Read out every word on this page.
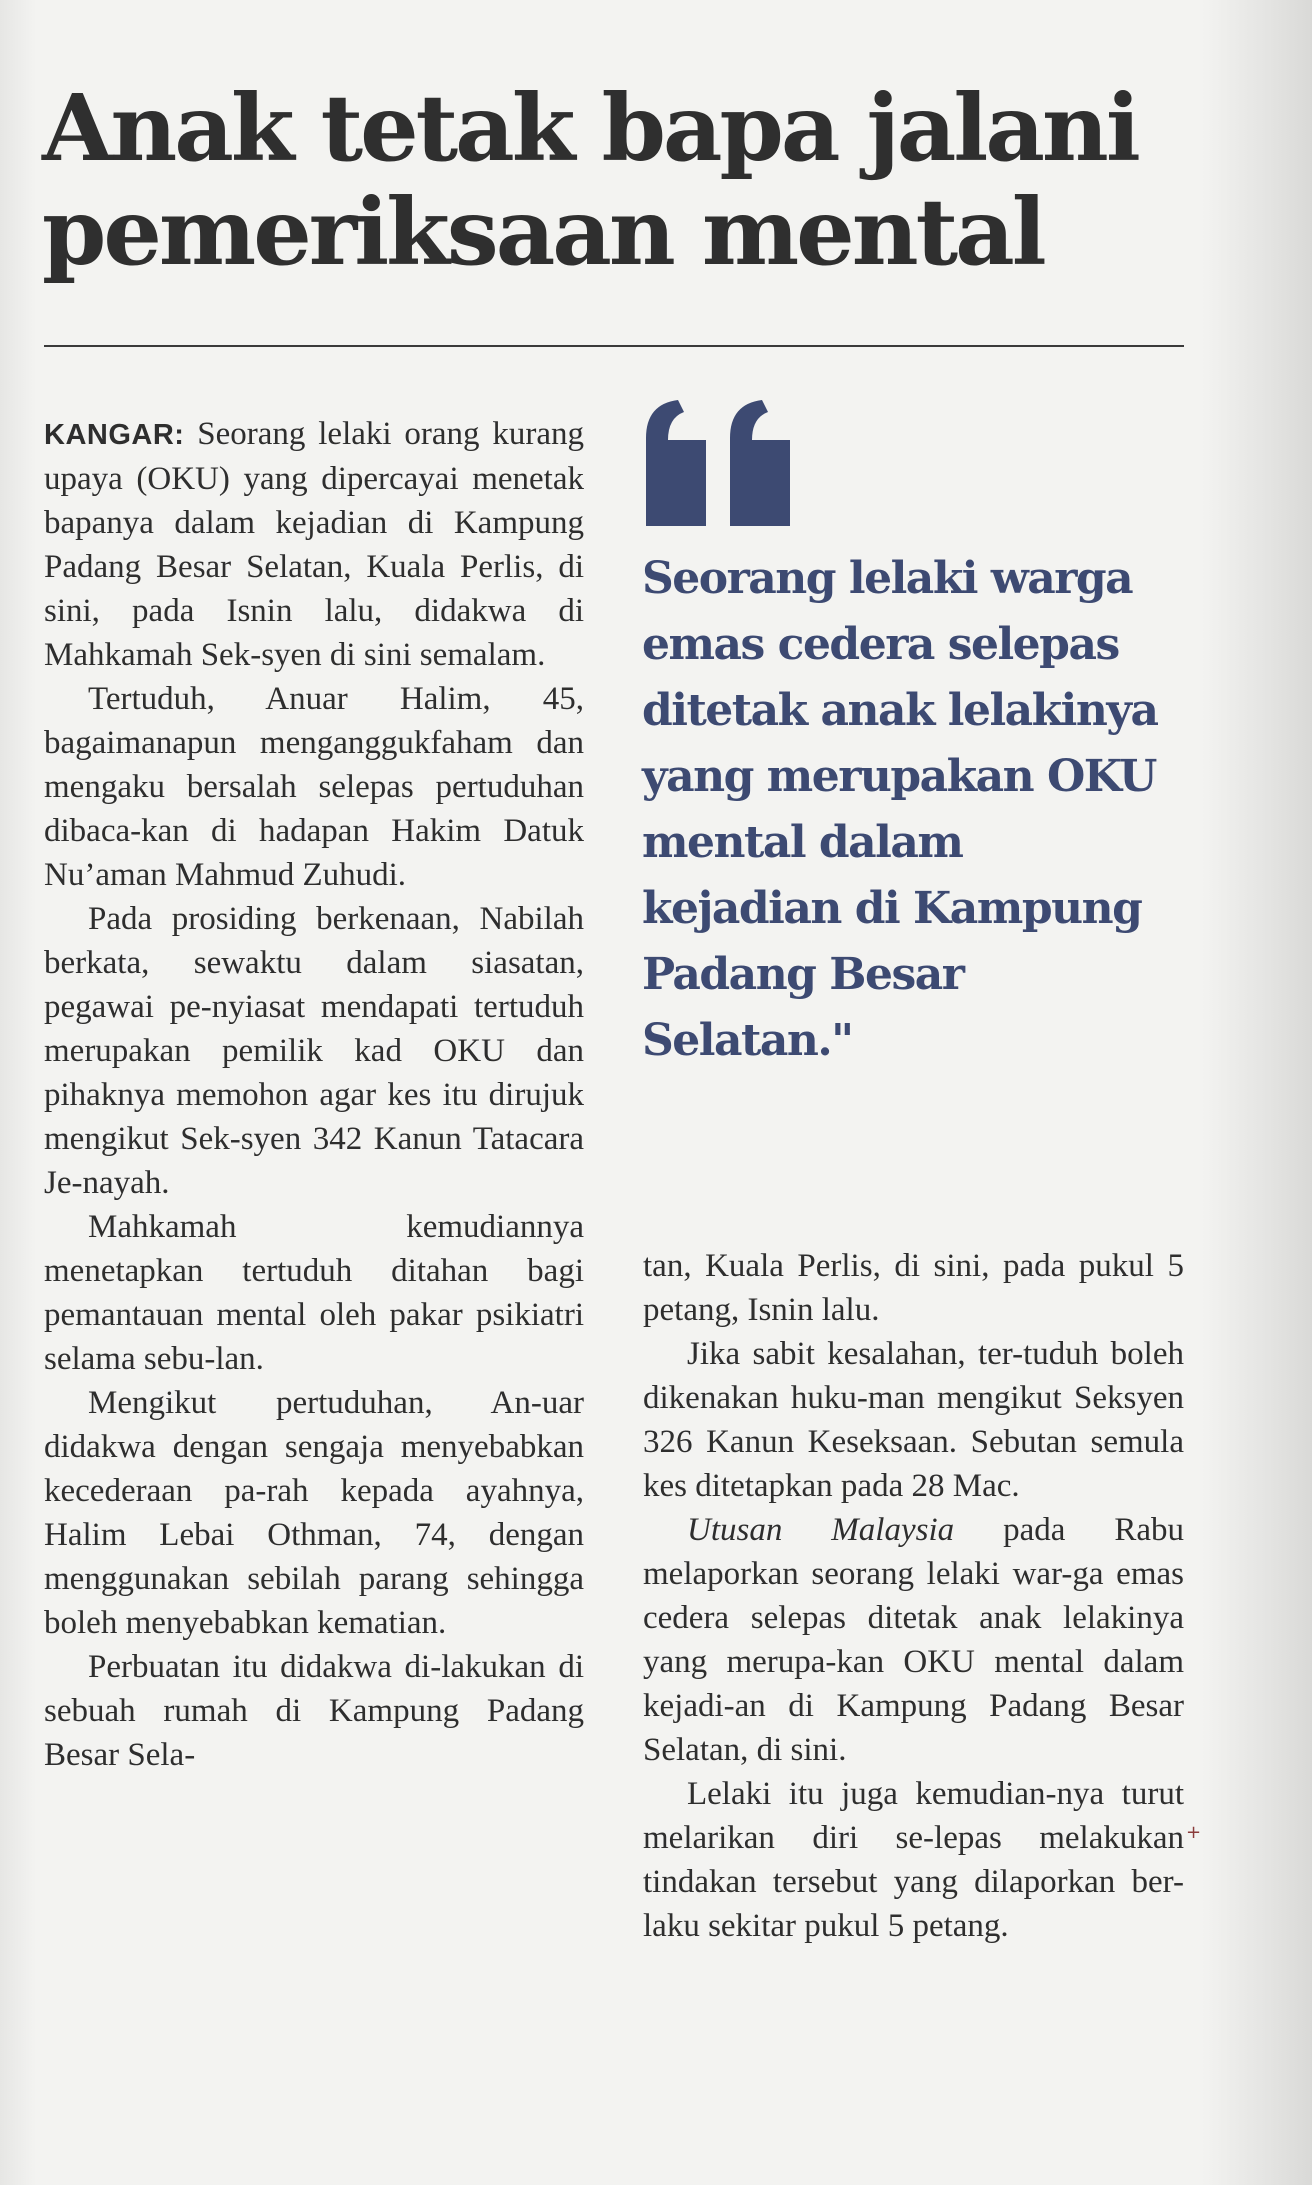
Anak tetak bapa jalani
pemeriksaan mental

KANGAR: Seorang lelaki orang kurang upaya (OKU) yang dipercayai menetak bapanya dalam kejadian di Kampung Padang Besar Selatan, Kuala Perlis, di sini, pada Isnin lalu, didakwa di Mahkamah Sek-syen di sini semalam.

Tertuduh, Anuar Halim, 45, bagaimanapun menganggukfaham dan mengaku bersalah selepas pertuduhan dibaca-kan di hadapan Hakim Datuk Nu’aman Mahmud Zuhudi.

Pada prosiding berkenaan, Nabilah berkata, sewaktu dalam siasatan, pegawai pe-nyiasat mendapati tertuduh merupakan pemilik kad OKU dan pihaknya memohon agar kes itu dirujuk mengikut Sek-syen 342 Kanun Tatacara Je-nayah.

Mahkamah kemudiannya menetapkan tertuduh ditahan bagi pemantauan mental oleh pakar psikiatri selama sebu-lan.

Mengikut pertuduhan, An-uar didakwa dengan sengaja menyebabkan kecederaan pa-rah kepada ayahnya, Halim Lebai Othman, 74, dengan menggunakan sebilah parang sehingga boleh menyebabkan kematian.

Perbuatan itu didakwa di-lakukan di sebuah rumah di Kampung Padang Besar Sela-

Seorang lelaki warga emas cedera selepas ditetak anak lelakinya yang merupakan OKU mental dalam kejadian di Kampung Padang Besar Selatan."

tan, Kuala Perlis, di sini, pada pukul 5 petang, Isnin lalu.

Jika sabit kesalahan, ter-tuduh boleh dikenakan huku-man mengikut Seksyen 326 Kanun Keseksaan. Sebutan semula kes ditetapkan pada 28 Mac.

Utusan Malaysia pada Rabu melaporkan seorang lelaki war-ga emas cedera selepas ditetak anak lelakinya yang merupa-kan OKU mental dalam kejadi-an di Kampung Padang Besar Selatan, di sini.

Lelaki itu juga kemudian-nya turut melarikan diri se-lepas melakukan tindakan tersebut yang dilaporkan ber-laku sekitar pukul 5 petang.

+
